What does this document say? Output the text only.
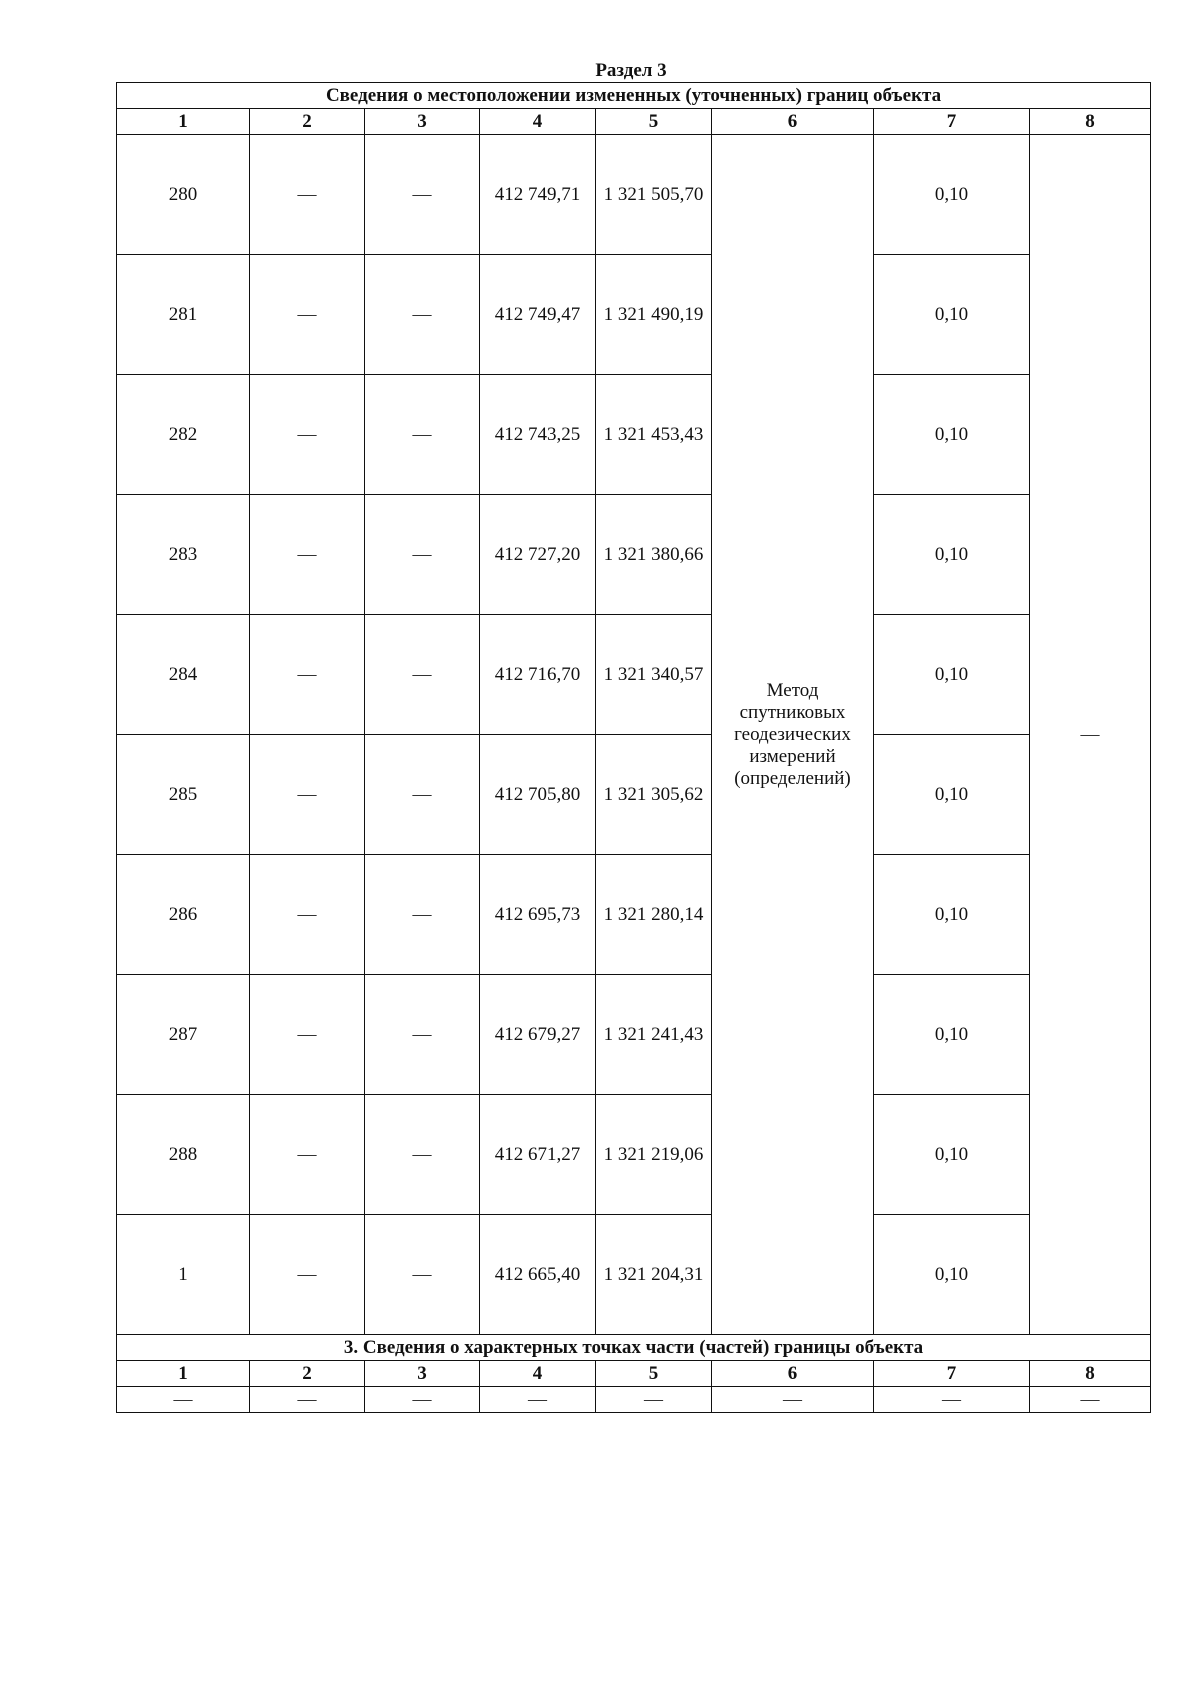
Раздел 3
Сведения о местоположении измененных (уточненных) границ объекта							
1	2	3	4	5	6	7	8
280	—	—	412 749,71	1 321 505,70	Метод спутниковых геодезических измерений (определений)	0,10	—
281	—	—	412 749,47	1 321 490,19		0,10	
282	—	—	412 743,25	1 321 453,43		0,10	
283	—	—	412 727,20	1 321 380,66		0,10	
284	—	—	412 716,70	1 321 340,57		0,10	
285	—	—	412 705,80	1 321 305,62		0,10	
286	—	—	412 695,73	1 321 280,14		0,10	
287	—	—	412 679,27	1 321 241,43		0,10	
288	—	—	412 671,27	1 321 219,06		0,10	
1	—	—	412 665,40	1 321 204,31		0,10	
3. Сведения о характерных точках части (частей) границы объекта							
1	2	3	4	5	6	7	8
—	—	—	—	—	—	—	—
